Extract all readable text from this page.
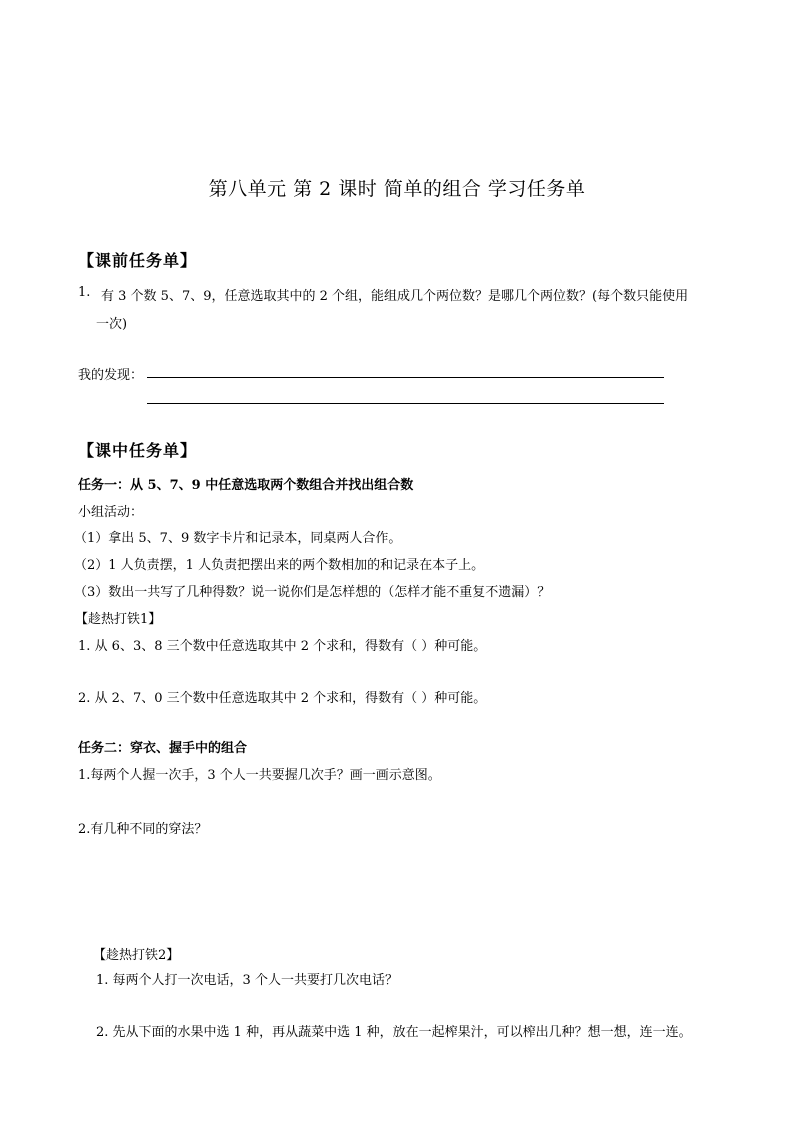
第八单元 第 2 课时 简单的组合 学习任务单
【课前任务单】
1. 有 3 个数 5、7、9，任意选取其中的 2 个组，能组成几个两位数？是哪几个两位数？(每个数只能使用
一次)
我的发现：
【课中任务单】
任务一：从 5、7、9 中任意选取两个数组合并找出组合数
小组活动：
（1）拿出 5、7、9 数字卡片和记录本，同桌两人合作。
（2）1 人负责摆，1 人负责把摆出来的两个数相加的和记录在本子上。
（3）数出一共写了几种得数？说一说你们是怎样想的（怎样才能不重复不遗漏）？
【趁热打铁1】
1. 从 6、3、8 三个数中任意选取其中 2 个求和，得数有（ ）种可能。
2. 从 2、7、0 三个数中任意选取其中 2 个求和，得数有（ ）种可能。
任务二：穿衣、握手中的组合
1.每两个人握一次手，3 个人一共要握几次手？画一画示意图。
2.有几种不同的穿法？
【趁热打铁2】
1. 每两个人打一次电话，3 个人一共要打几次电话？
2. 先从下面的水果中选 1 种，再从蔬菜中选 1 种，放在一起榨果汁，可以榨出几种？想一想，连一连。
